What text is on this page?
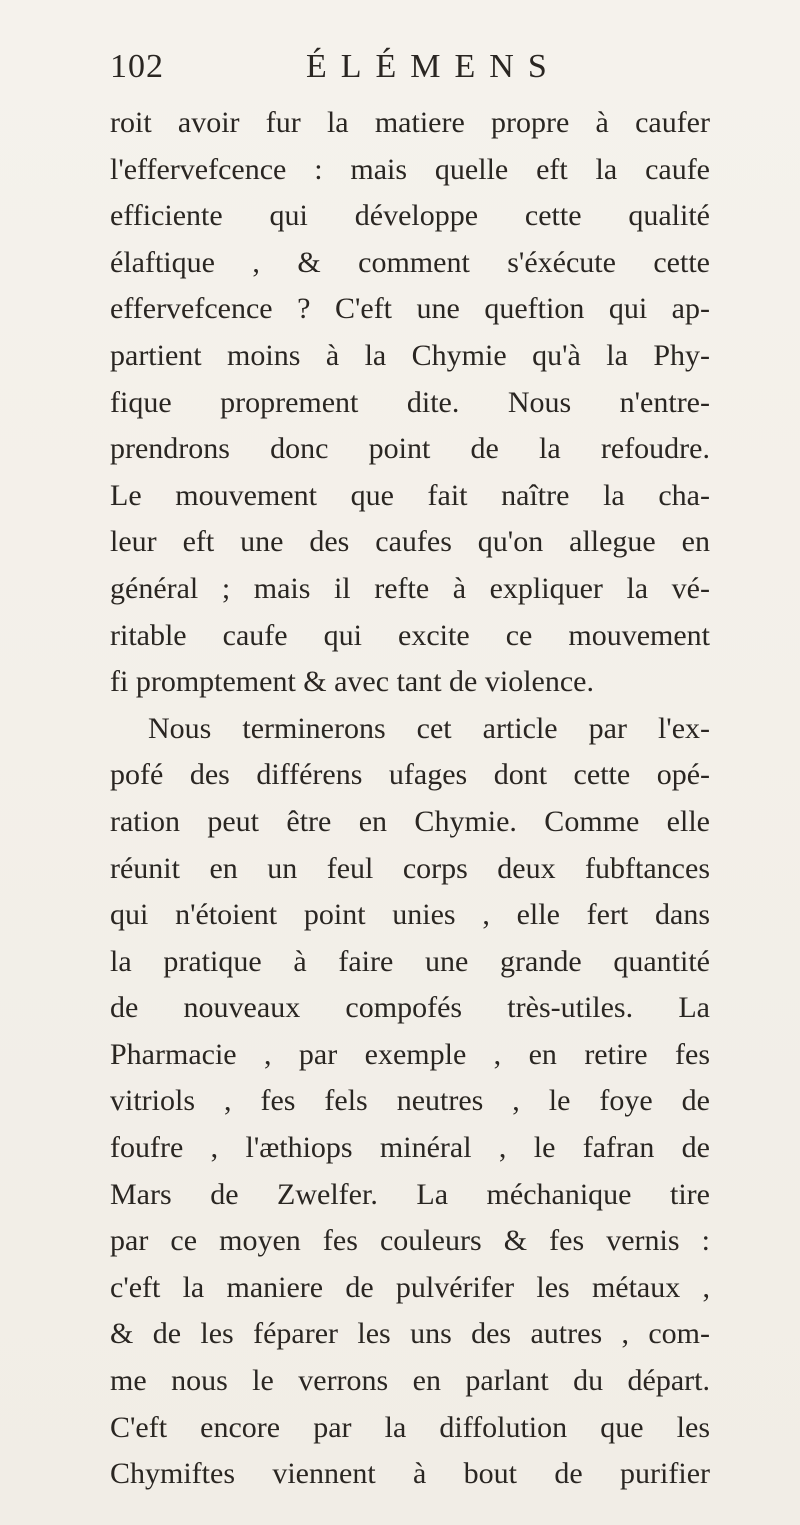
102	ÉLÉMENS
roit avoir fur la matiere propre à caufer
l'effervefcence : mais quelle eft la caufe
efficiente qui développe cette qualité
élaftique , & comment s'éxécute cette
effervefcence ? C'eft une queftion qui ap-
partient moins à la Chymie qu'à la Phy-
fique proprement dite. Nous n'entre-
prendrons donc point de la refoudre.
Le mouvement que fait naître la cha-
leur eft une des caufes qu'on allegue en
général ; mais il refte à expliquer la vé-
ritable caufe qui excite ce mouvement
fi promptement & avec tant de violence.
Nous terminerons cet article par l'ex-
pofé des différens ufages dont cette opé-
ration peut être en Chymie. Comme elle
réunit en un feul corps deux fubftances
qui n'étoient point unies , elle fert dans
la pratique à faire une grande quantité
de nouveaux compofés très-utiles. La
Pharmacie , par exemple , en retire fes
vitriols , fes fels neutres , le foye de
foufre , l'æthiops minéral , le fafran de
Mars de Zwelfer. La méchanique tire
par ce moyen fes couleurs & fes vernis :
c'eft la maniere de pulvérifer les métaux ,
& de les féparer les uns des autres , com-
me nous le verrons en parlant du départ.
C'eft encore par la diffolution que les
Chymiftes viennent à bout de purifier
